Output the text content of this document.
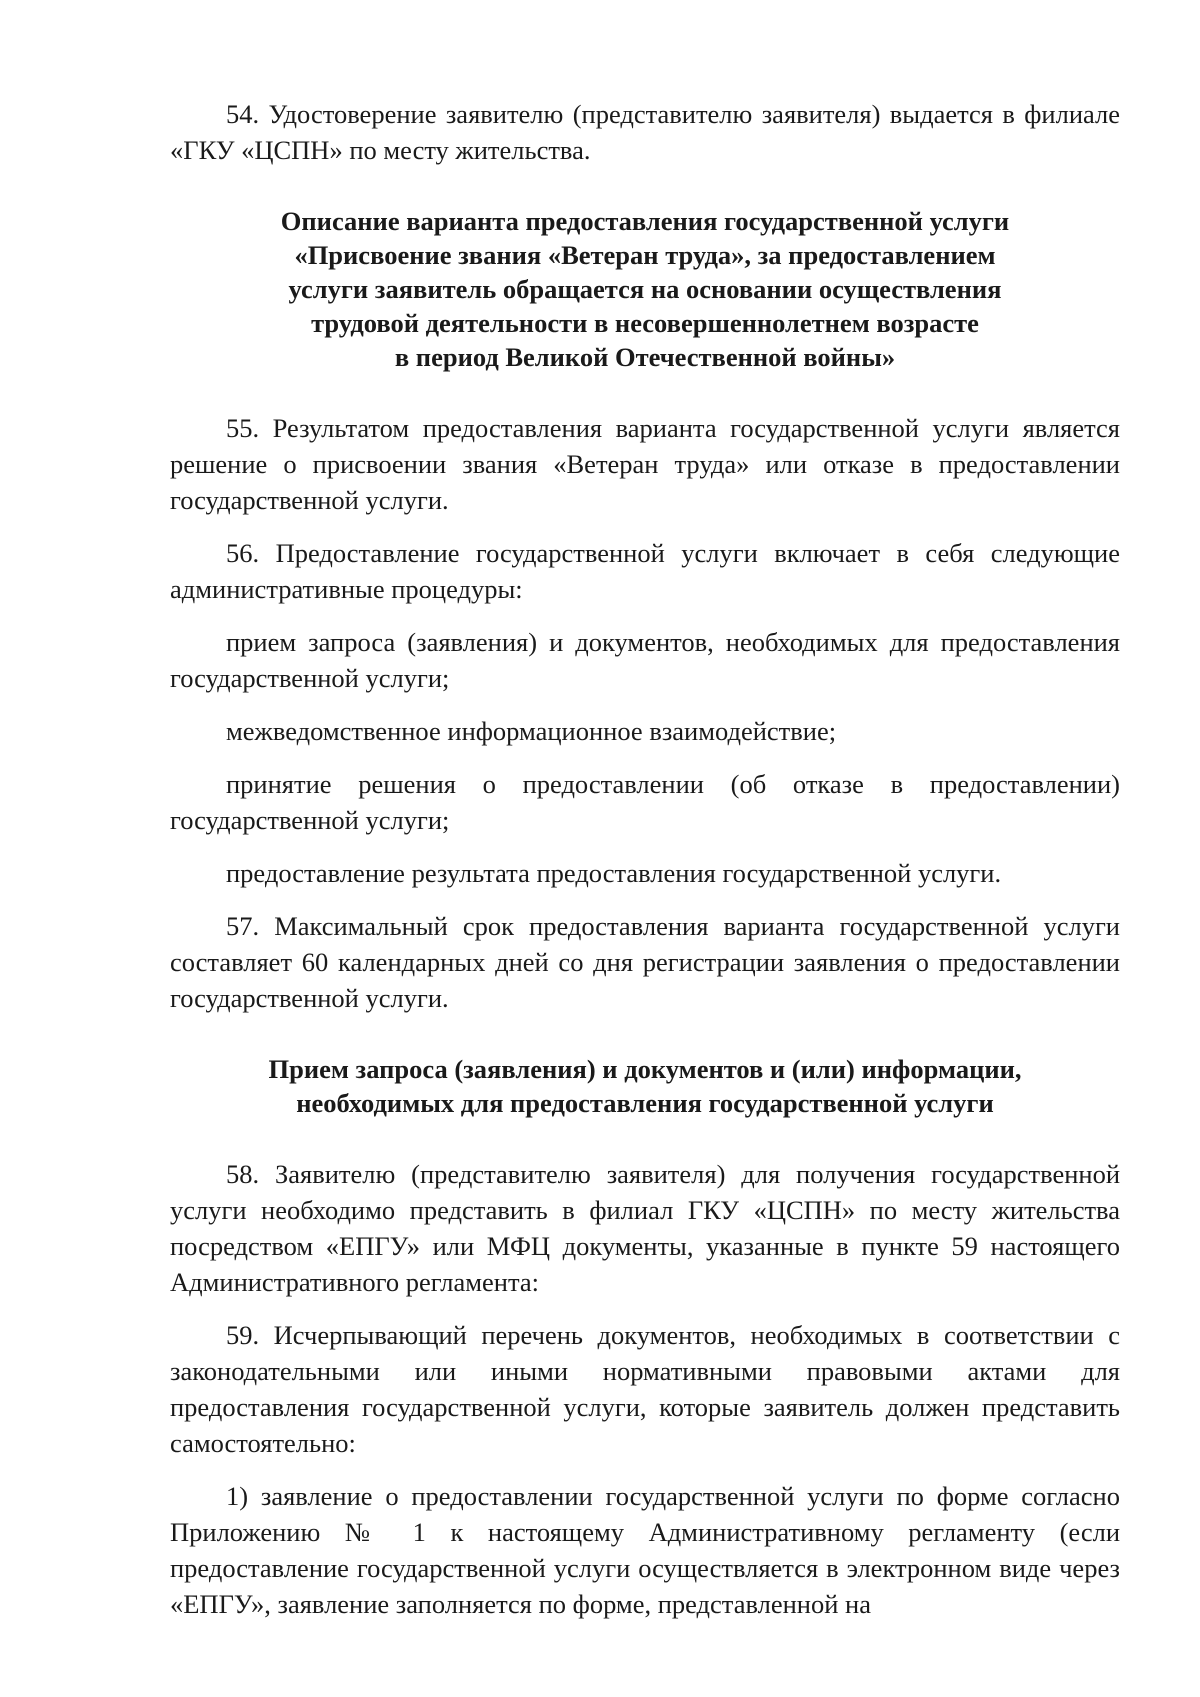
54. Удостоверение заявителю (представителю заявителя) выдается в филиале «ГКУ «ЦСПН» по месту жительства.

Описание варианта предоставления государственной услуги

«Присвоение звания «Ветеран труда», за предоставлением

услуги заявитель обращается на основании осуществления

трудовой деятельности в несовершеннолетнем возрасте

в период Великой Отечественной войны»

55. Результатом предоставления варианта государственной услуги является решение о присвоении звания «Ветеран труда» или отказе в предоставлении государственной услуги.

56. Предоставление государственной услуги включает в себя следующие административные процедуры:

прием запроса (заявления) и документов, необходимых для предоставления государственной услуги;

межведомственное информационное взаимодействие;

принятие решения о предоставлении (об отказе в предоставлении) государственной услуги;

предоставление результата предоставления государственной услуги.

57. Максимальный срок предоставления варианта государственной услуги составляет 60 календарных дней со дня регистрации заявления о предоставлении государственной услуги.

Прием запроса (заявления) и документов и (или) информации,

необходимых для предоставления государственной услуги

58. Заявителю (представителю заявителя) для получения государственной услуги необходимо представить в филиал ГКУ «ЦСПН» по месту жительства посредством «ЕПГУ» или МФЦ документы, указанные в пункте 59 настоящего Административного регламента:

59. Исчерпывающий перечень документов, необходимых в соответствии с законодательными или иными нормативными правовыми актами для предоставления государственной услуги, которые заявитель должен представить самостоятельно:

1) заявление о предоставлении государственной услуги по форме согласно Приложению № 1 к настоящему Административному регламенту (если предоставление государственной услуги осуществляется в электронном виде через «ЕПГУ», заявление заполняется по форме, представленной на
